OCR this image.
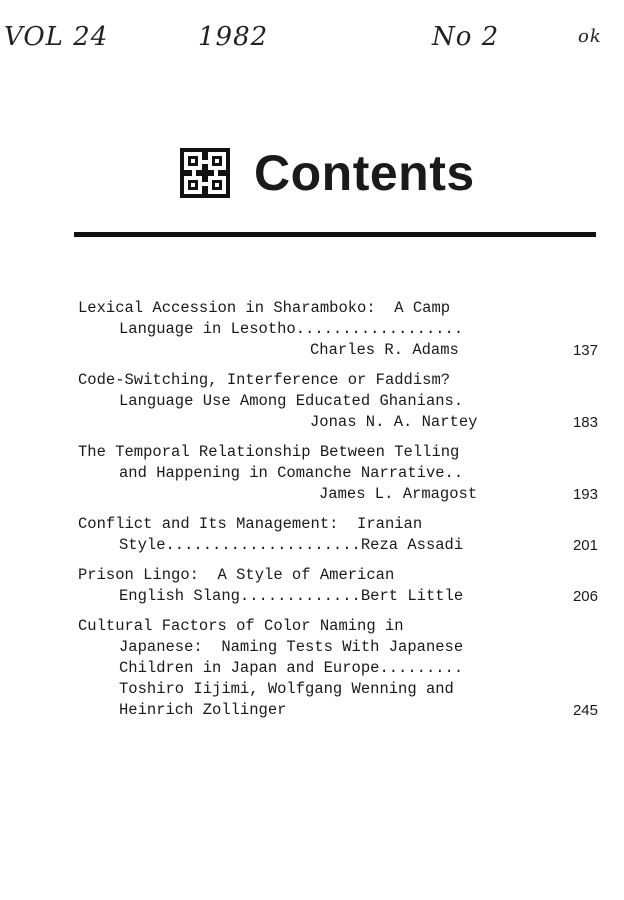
VOL 24	1982	No 2	ok
Contents
Lexical Accession in Sharamboko:  A Camp
Language in Lesotho..................
Charles R. Adams	137
Code-Switching, Interference or Faddism?
Language Use Among Educated Ghanians.
Jonas N. A. Nartey	183
The Temporal Relationship Between Telling
and Happening in Comanche Narrative..
James L. Armagost	193
Conflict and Its Management:  Iranian
Style.....................Reza Assadi	201
Prison Lingo:  A Style of American
English Slang.............Bert Little	206
Cultural Factors of Color Naming in
Japanese:  Naming Tests With Japanese
Children in Japan and Europe.........
Toshiro Iijimi, Wolfgang Wenning and
Heinrich Zollinger	245
